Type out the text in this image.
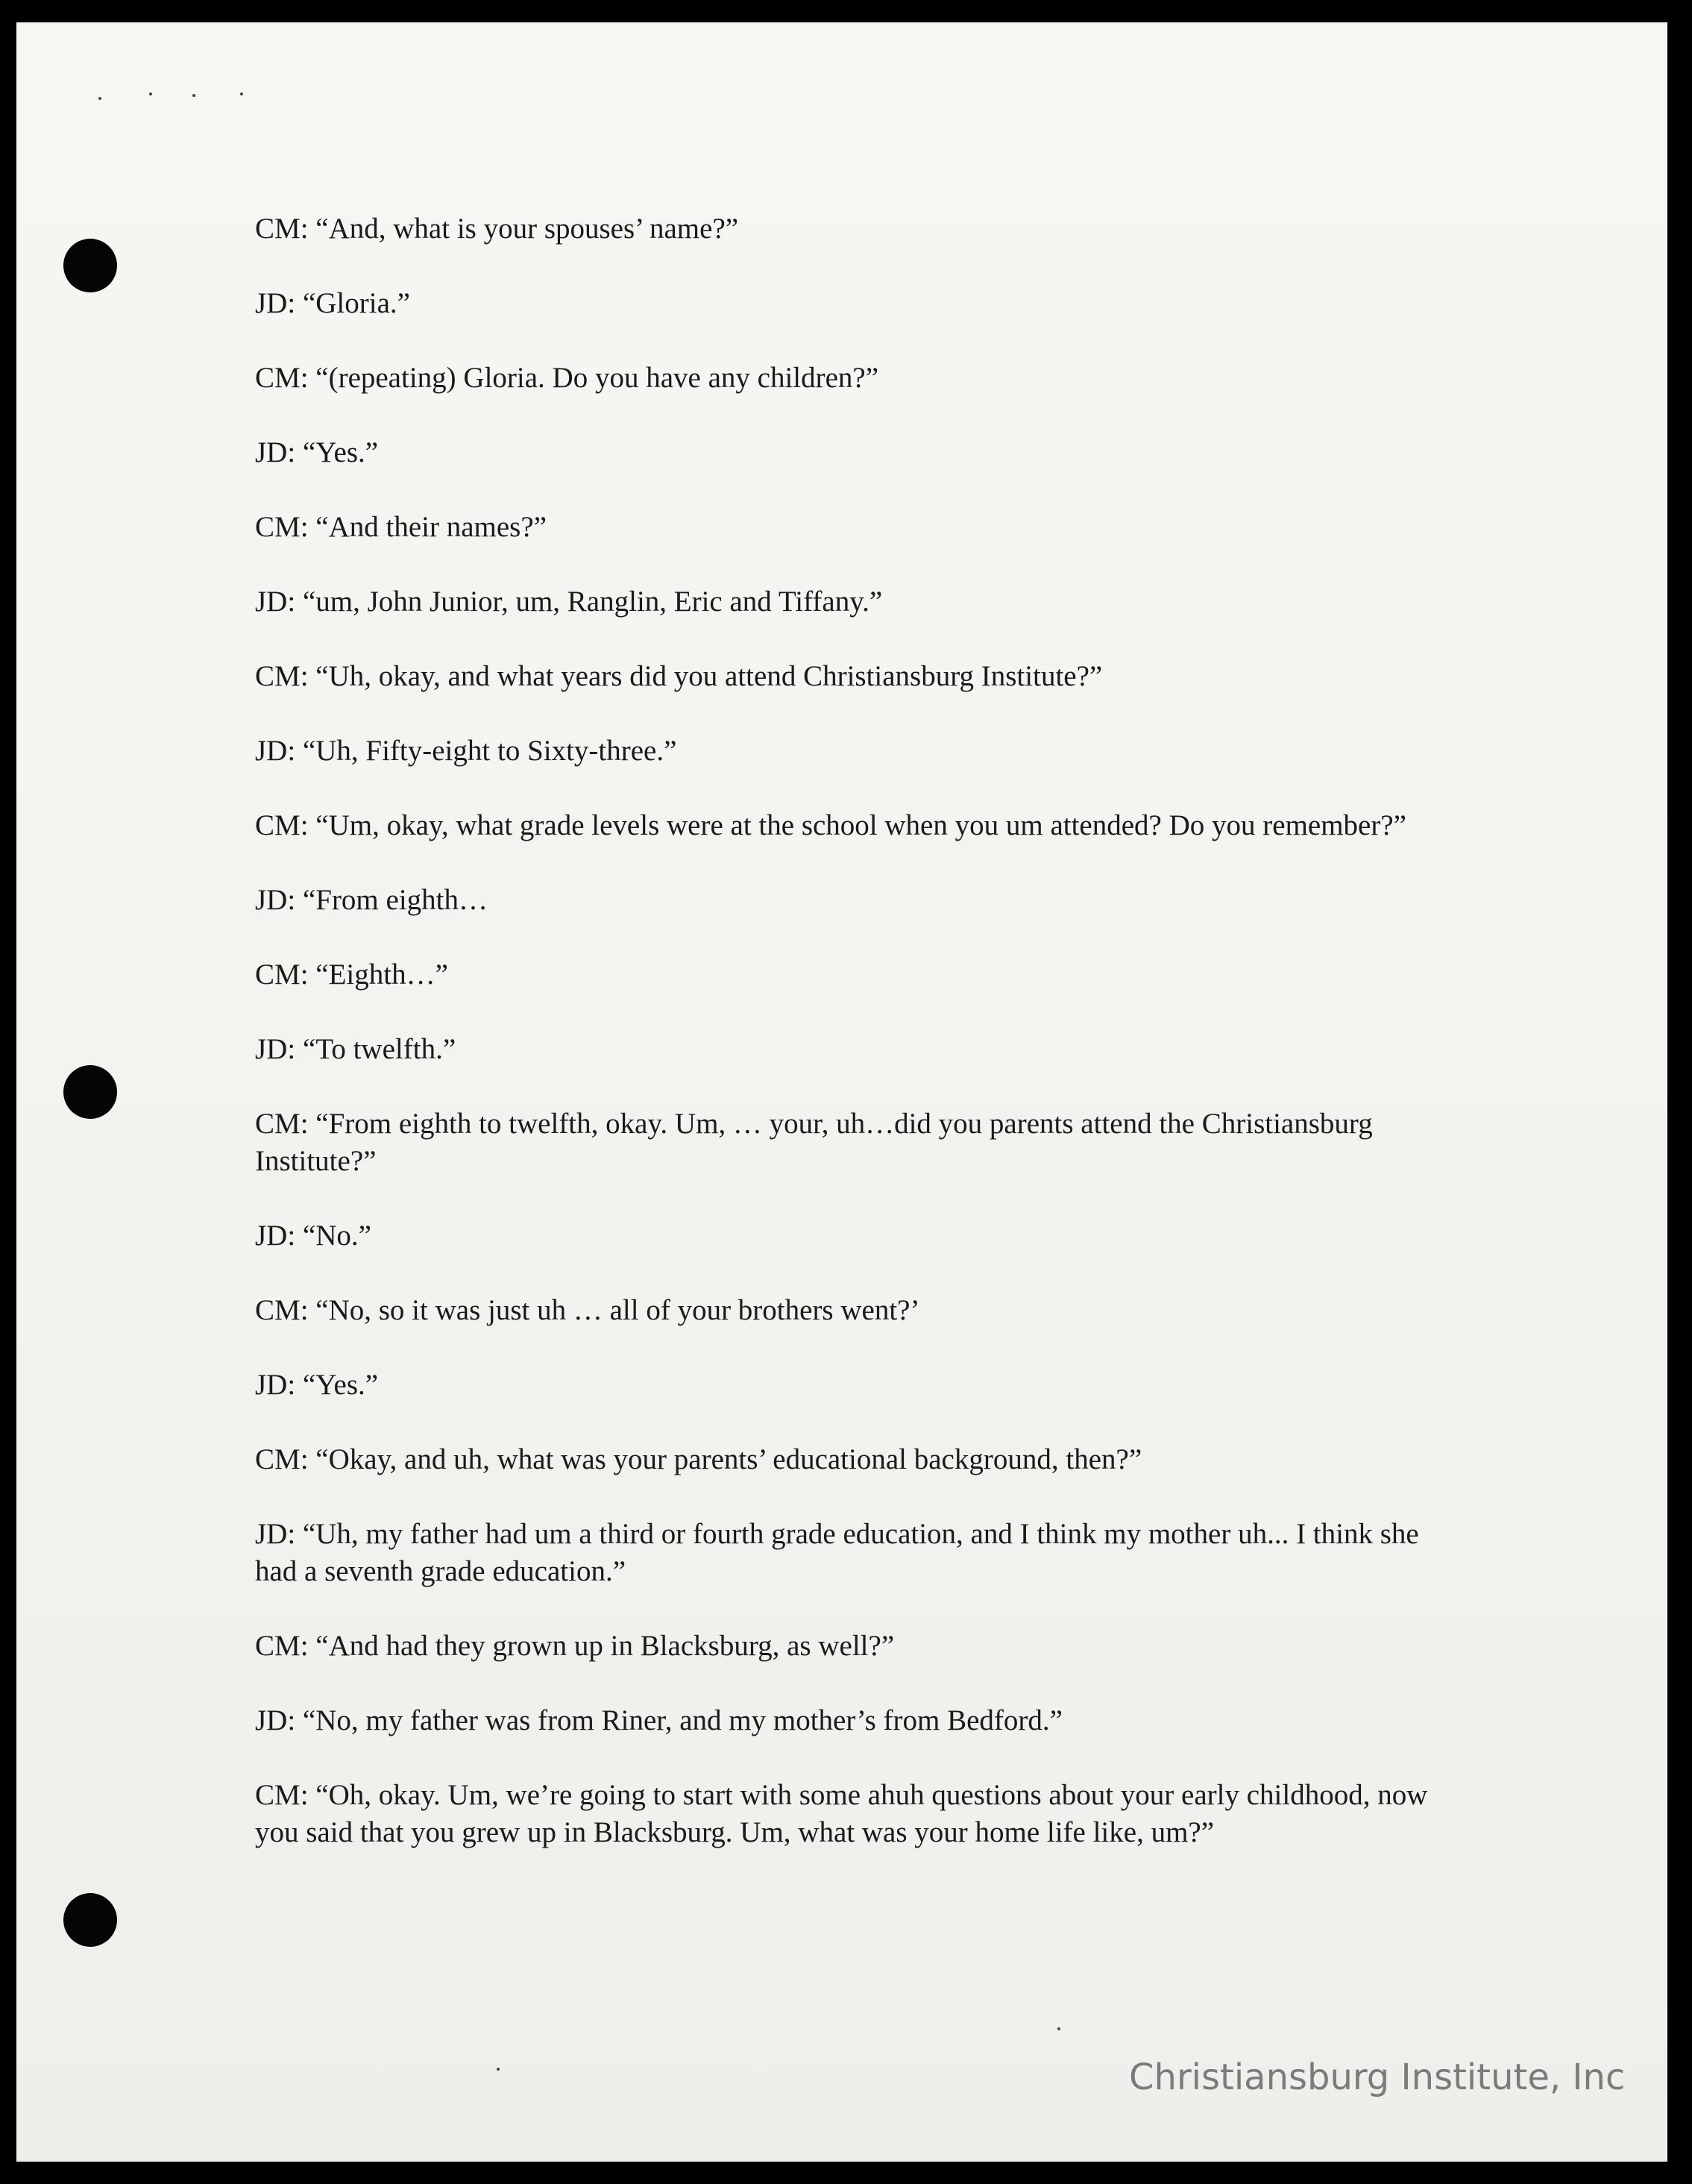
CM: “And, what is your spouses’ name?”

JD: “Gloria.”

CM: “(repeating) Gloria. Do you have any children?”

JD: “Yes.”

CM: “And their names?”

JD: “um, John Junior, um, Ranglin, Eric and Tiffany.”

CM: “Uh, okay, and what years did you attend Christiansburg Institute?”

JD: “Uh, Fifty-eight to Sixty-three.”

CM: “Um, okay, what grade levels were at the school when you um attended? Do you remember?”

JD: “From eighth…

CM: “Eighth…”

JD: “To twelfth.”

CM: “From eighth to twelfth, okay. Um, … your, uh…did you parents attend the Christiansburg Institute?”

JD: “No.”

CM: “No, so it was just uh … all of your brothers went?’

JD: “Yes.”

CM: “Okay, and uh, what was your parents’ educational background, then?”

JD: “Uh, my father had um a third or fourth grade education, and I think my mother uh... I think she had a seventh grade education.”

CM: “And had they grown up in Blacksburg, as well?”

JD: “No, my father was from Riner, and my mother’s from Bedford.”

CM: “Oh, okay. Um, we’re going to start with some ahuh questions about your early childhood, now you said that you grew up in Blacksburg. Um, what was your home life like, um?”

Christiansburg Institute, Inc
